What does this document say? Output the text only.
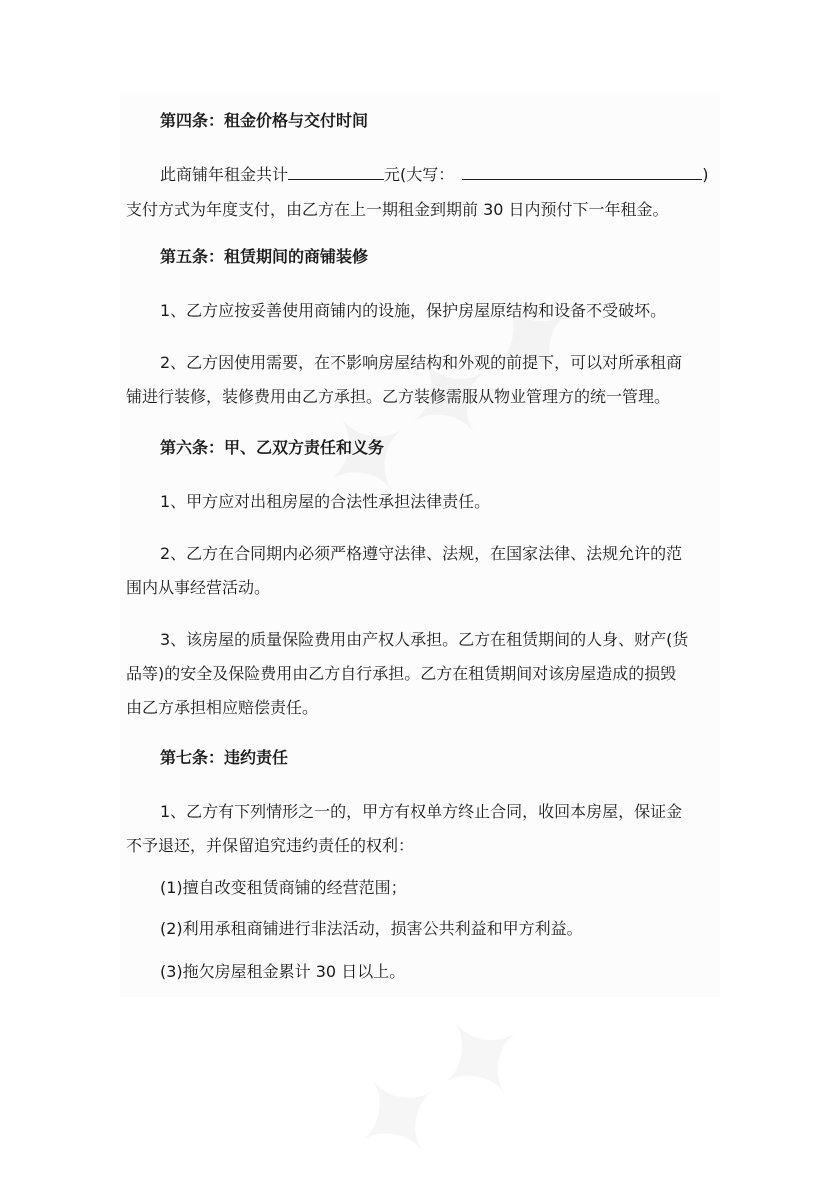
第四条：租金价格与交付时间
此商铺年租金共计	元(大写：	)
支付方式为年度支付，由乙方在上一期租金到期前 30 日内预付下一年租金。
第五条：租赁期间的商铺装修
1、乙方应按妥善使用商铺内的设施，保护房屋原结构和设备不受破坏。
2、乙方因使用需要，在不影响房屋结构和外观的前提下，可以对所承租商
铺进行装修，装修费用由乙方承担。乙方装修需服从物业管理方的统一管理。
第六条：甲、乙双方责任和义务
1、甲方应对出租房屋的合法性承担法律责任。
2、乙方在合同期内必须严格遵守法律、法规，在国家法律、法规允许的范
围内从事经营活动。
3、该房屋的质量保险费用由产权人承担。乙方在租赁期间的人身、财产(货
品等)的安全及保险费用由乙方自行承担。乙方在租赁期间对该房屋造成的损毁
由乙方承担相应赔偿责任。
第七条：违约责任
1、乙方有下列情形之一的，甲方有权单方终止合同，收回本房屋，保证金
不予退还，并保留追究违约责任的权利：
(1)擅自改变租赁商铺的经营范围；
(2)利用承租商铺进行非法活动，损害公共利益和甲方利益。
(3)拖欠房屋租金累计 30 日以上。
